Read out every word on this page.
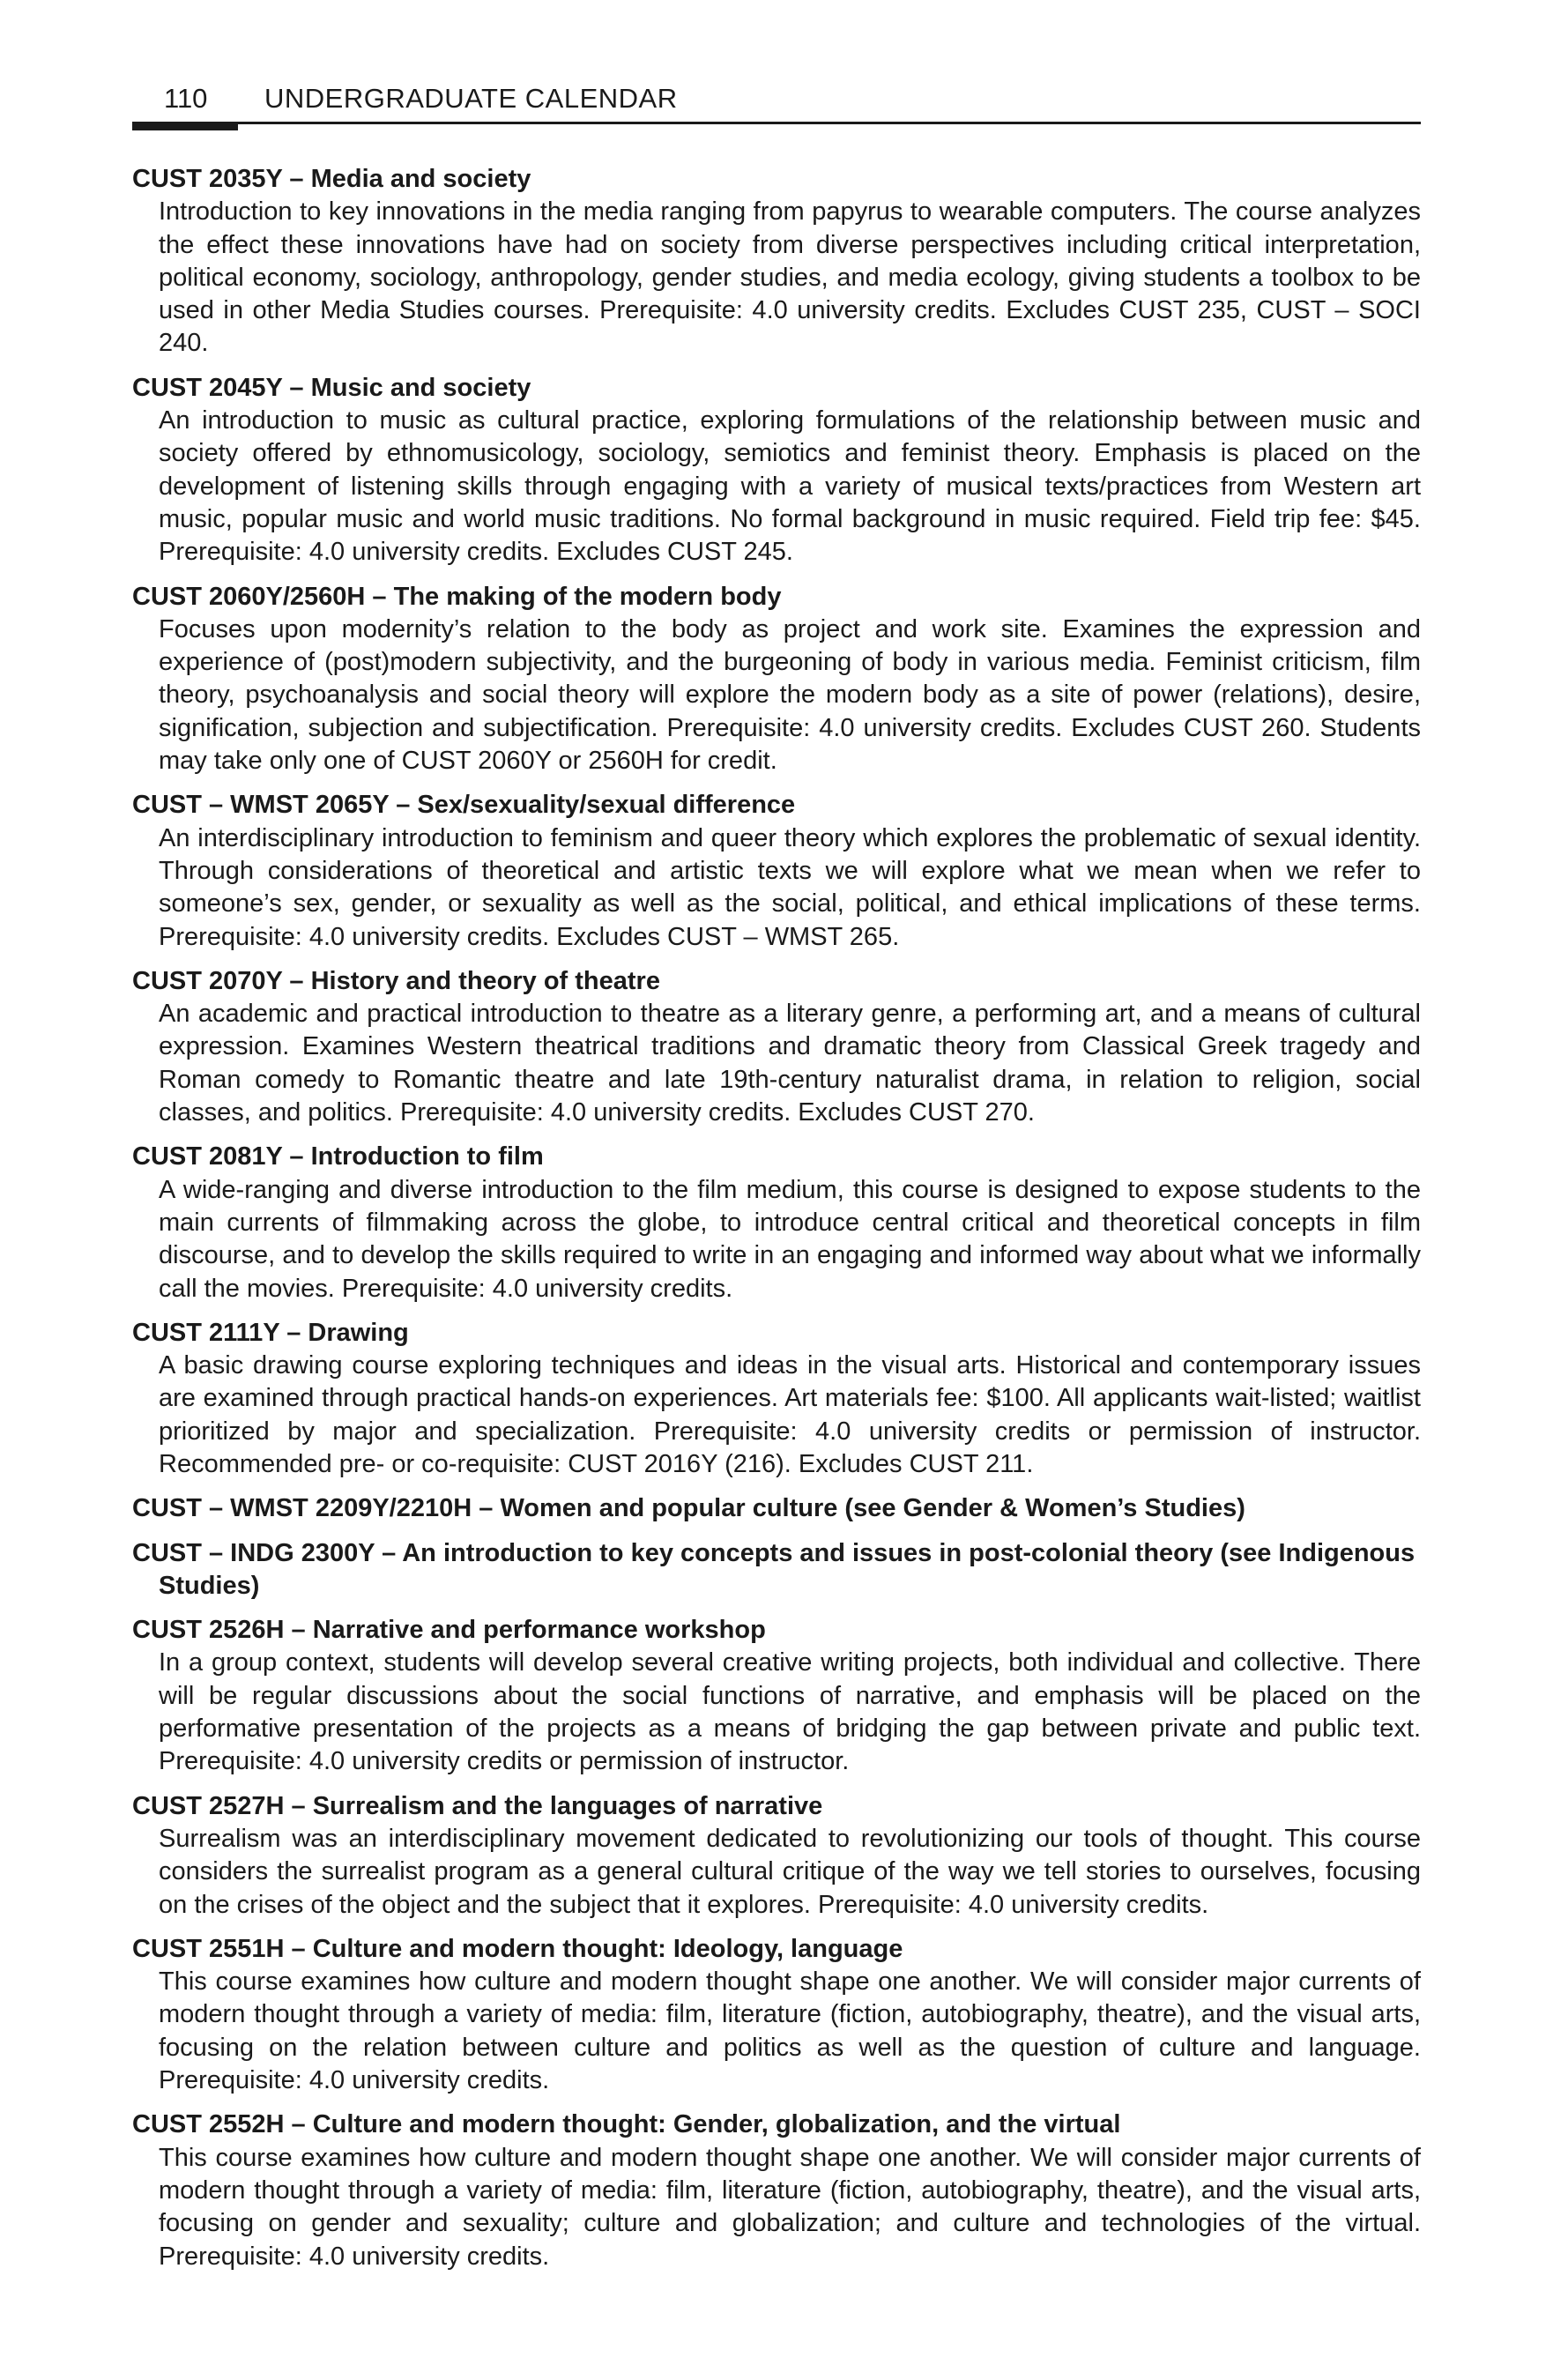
110 UNDERGRADUATE CALENDAR
CUST 2035Y – Media and society

Introduction to key innovations in the media ranging from papyrus to wearable computers. The course analyzes the effect these innovations have had on society from diverse perspectives including critical interpretation, political economy, sociology, anthropology, gender studies, and media ecology, giving students a toolbox to be used in other Media Studies courses. Prerequisite: 4.0 university credits. Excludes CUST 235, CUST – SOCI 240.

CUST 2045Y – Music and society

An introduction to music as cultural practice, exploring formulations of the relationship between music and society offered by ethnomusicology, sociology, semiotics and feminist theory. Emphasis is placed on the development of listening skills through engaging with a variety of musical texts/practices from Western art music, popular music and world music traditions. No formal background in music required. Field trip fee: $45. Prerequisite: 4.0 university credits. Excludes CUST 245.

CUST 2060Y/2560H – The making of the modern body

Focuses upon modernity’s relation to the body as project and work site. Examines the expression and experience of (post)modern subjectivity, and the burgeoning of body in various media. Feminist criticism, film theory, psychoanalysis and social theory will explore the modern body as a site of power (relations), desire, signification, subjection and subjectification. Prerequisite: 4.0 university credits. Excludes CUST 260. Students may take only one of CUST 2060Y or 2560H for credit.

CUST – WMST 2065Y – Sex/sexuality/sexual difference

An interdisciplinary introduction to feminism and queer theory which explores the problematic of sexual identity. Through considerations of theoretical and artistic texts we will explore what we mean when we refer to someone’s sex, gender, or sexuality as well as the social, political, and ethical implications of these terms. Prerequisite: 4.0 university credits. Excludes CUST – WMST 265.

CUST 2070Y – History and theory of theatre

An academic and practical introduction to theatre as a literary genre, a performing art, and a means of cultural expression. Examines Western theatrical traditions and dramatic theory from Classical Greek tragedy and Roman comedy to Romantic theatre and late 19th-century naturalist drama, in relation to religion, social classes, and politics. Prerequisite: 4.0 university credits. Excludes CUST 270.

CUST 2081Y – Introduction to film

A wide-ranging and diverse introduction to the film medium, this course is designed to expose students to the main currents of filmmaking across the globe, to introduce central critical and theoretical concepts in film discourse, and to develop the skills required to write in an engaging and informed way about what we informally call the movies. Prerequisite: 4.0 university credits.

CUST 2111Y – Drawing

A basic drawing course exploring techniques and ideas in the visual arts. Historical and contemporary issues are examined through practical hands-on experiences. Art materials fee: $100. All applicants wait-listed; waitlist prioritized by major and specialization. Prerequisite: 4.0 university credits or permission of instructor. Recommended pre- or co-requisite: CUST 2016Y (216). Excludes CUST 211.

CUST – WMST 2209Y/2210H – Women and popular culture (see Gender & Women’s Studies)
CUST – INDG 2300Y – An introduction to key concepts and issues in post-colonial theory (see Indigenous Studies)
CUST 2526H – Narrative and performance workshop

In a group context, students will develop several creative writing projects, both individual and collective. There will be regular discussions about the social functions of narrative, and emphasis will be placed on the performative presentation of the projects as a means of bridging the gap between private and public text. Prerequisite: 4.0 university credits or permission of instructor.

CUST 2527H – Surrealism and the languages of narrative

Surrealism was an interdisciplinary movement dedicated to revolutionizing our tools of thought. This course considers the surrealist program as a general cultural critique of the way we tell stories to ourselves, focusing on the crises of the object and the subject that it explores. Prerequisite: 4.0 university credits.

CUST 2551H – Culture and modern thought: Ideology, language

This course examines how culture and modern thought shape one another. We will consider major currents of modern thought through a variety of media: film, literature (fiction, autobiography, theatre), and the visual arts, focusing on the relation between culture and politics as well as the question of culture and language. Prerequisite: 4.0 university credits.

CUST 2552H – Culture and modern thought: Gender, globalization, and the virtual

This course examines how culture and modern thought shape one another. We will consider major currents of modern thought through a variety of media: film, literature (fiction, autobiography, theatre), and the visual arts, focusing on gender and sexuality; culture and globalization; and culture and technologies of the virtual. Prerequisite: 4.0 university credits.
